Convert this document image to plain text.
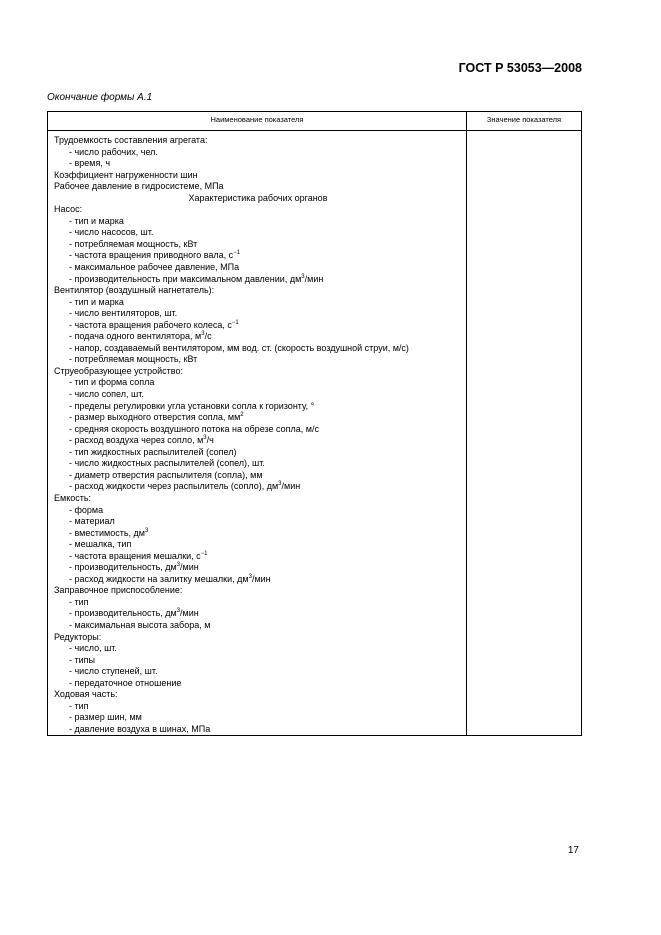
ГОСТ Р 53053—2008
Окончание формы А.1
Наименование показателя	Значение показателя
Трудоемкость составления агрегата:
- число рабочих, чел.
- время, ч
Коэффициент нагруженности шин
Рабочее давление в гидросистеме, МПа
Характеристика рабочих органов
Насос:
- тип и марка
- число насосов, шт.
- потребляемая мощность, кВт
- частота вращения приводного вала, $с^{-1}$
- максимальное рабочее давление, МПа
- производительность при максимальном давлении, $дм^3$/мин
Вентилятор (воздушный нагнетатель):
- тип и марка
- число вентиляторов, шт.
- частота вращения рабочего колеса, $с^{-1}$
- подача одного вентилятора, $м^3/с$
- напор, создаваемый вентилятором, мм вод. ст. (скорость воздушной струи, м/с)
- потребляемая мощность, кВт
Струеобразующее устройство:
- тип и форма сопла
- число сопел, шт.
- пределы регулировки угла установки сопла к горизонту, °
- размер выходного отверстия сопла, $мм^2$
- средняя скорость воздушного потока на обрезе сопла, м/с
- расход воздуха через сопло, $м^3/ч$
- тип жидкостных распылителей (сопел)
- число жидкостных распылителей (сопел), шт.
- диаметр отверстия распылителя (сопла), мм
- расход жидкости через распылитель (сопло), $дм^3$/мин
Емкость:
- форма
- материал
- вместимость, $дм^3$
- мешалка, тип
- частота вращения мешалки, $с^{-1}$
- производительность, $дм^3$/мин
- расход жидкости на залитку мешалки, $дм^3$/мин
Заправочное приспособление:
- тип
- производительность, $дм^3$/мин
- максимальная высота забора, м
Редукторы:
- число, шт.
- типы
- число ступеней, шт.
- передаточное отношение
Ходовая часть:
- тип
- размер шин, мм
- давление воздуха в шинах, МПа
17
